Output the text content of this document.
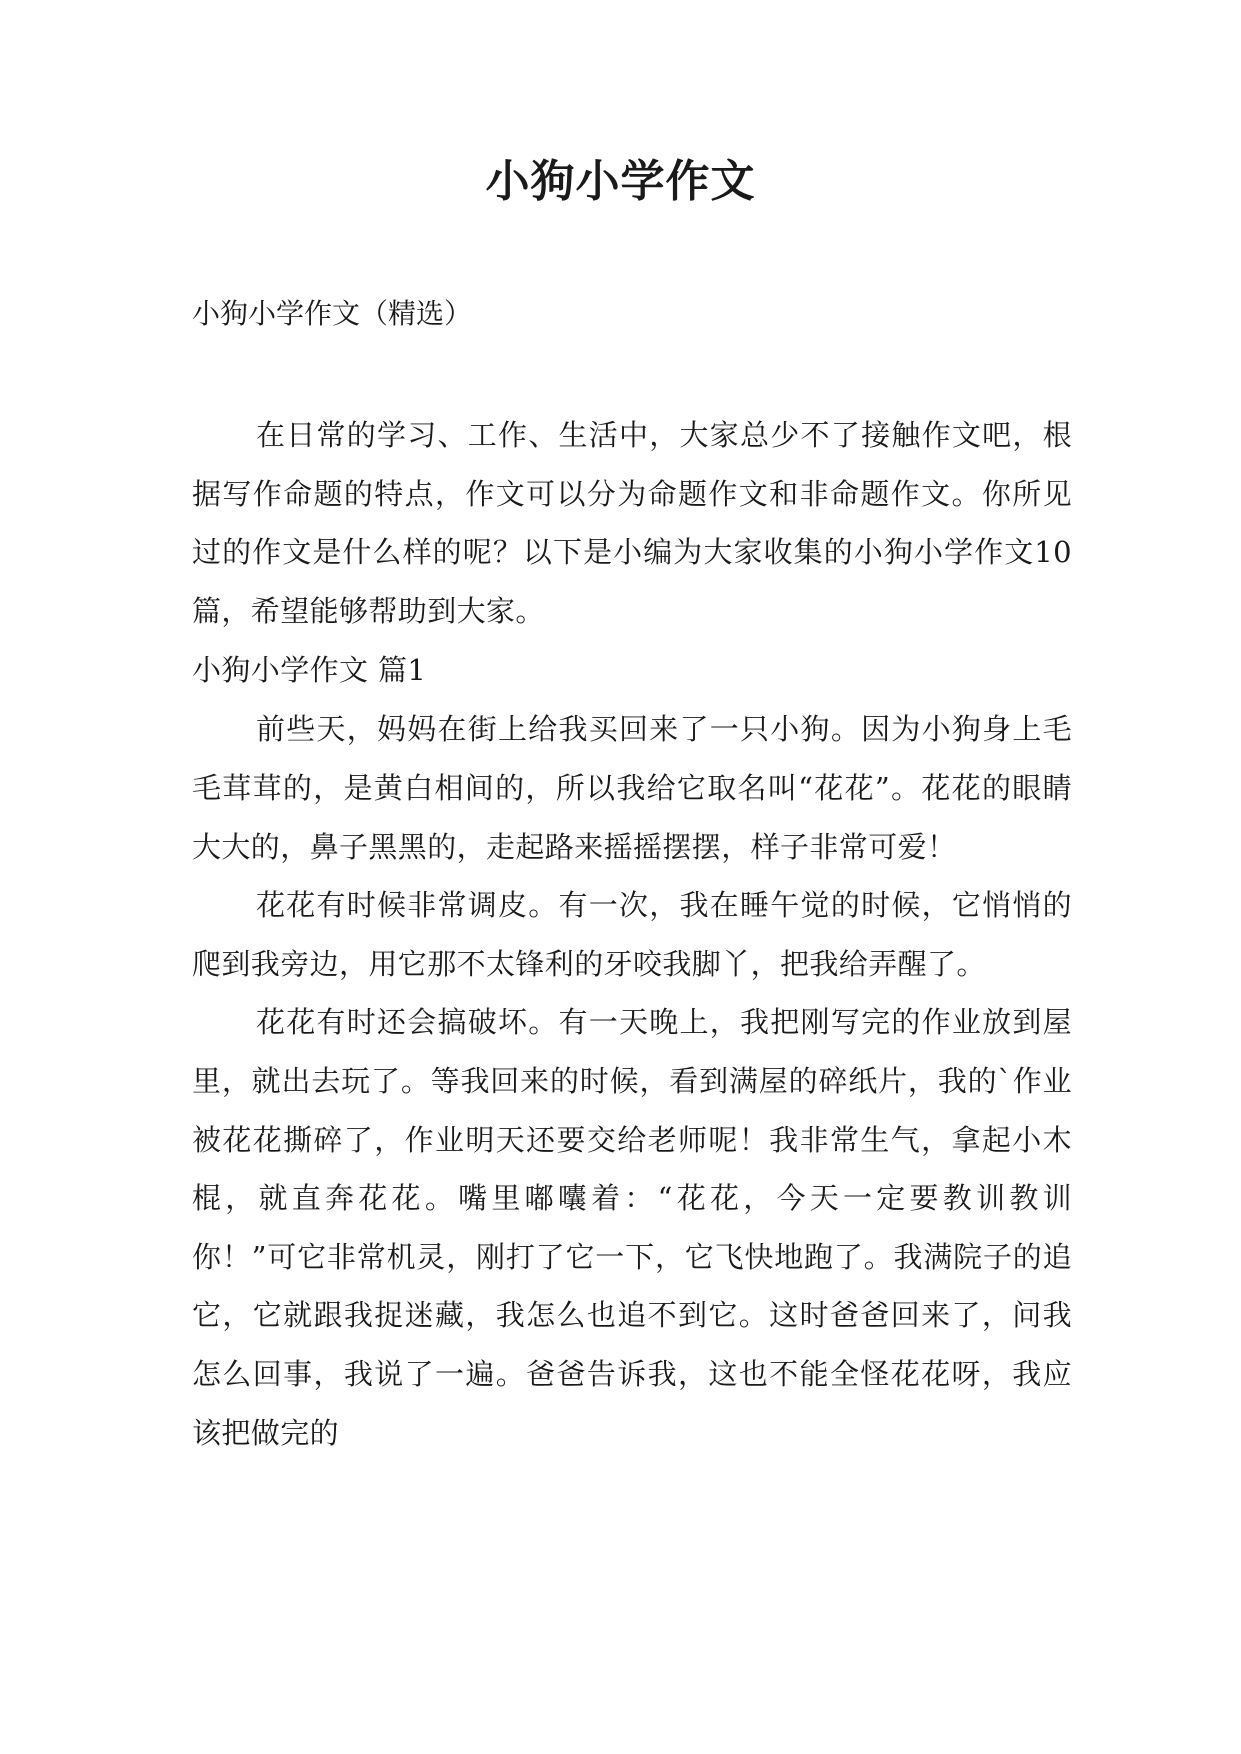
小狗小学作文

小狗小学作文（精选）

在日常的学习、工作、生活中，大家总少不了接触作文吧，根据写作命题的特点，作文可以分为命题作文和非命题作文。你所见过的作文是什么样的呢？以下是小编为大家收集的小狗小学作文10篇，希望能够帮助到大家。

小狗小学作文 篇1

前些天，妈妈在街上给我买回来了一只小狗。因为小狗身上毛毛茸茸的，是黄白相间的，所以我给它取名叫“花花”。花花的眼睛大大的，鼻子黑黑的，走起路来摇摇摆摆，样子非常可爱！

花花有时候非常调皮。有一次，我在睡午觉的时候，它悄悄的爬到我旁边，用它那不太锋利的牙咬我脚丫，把我给弄醒了。

花花有时还会搞破坏。有一天晚上，我把刚写完的作业放到屋里，就出去玩了。等我回来的时候，看到满屋的碎纸片，我的`作业被花花撕碎了，作业明天还要交给老师呢！我非常生气，拿起小木棍，就直奔花花。嘴里嘟囔着：“花花，今天一定要教训教训你！”可它非常机灵，刚打了它一下，它飞快地跑了。我满院子的追它，它就跟我捉迷藏，我怎么也追不到它。这时爸爸回来了，问我怎么回事，我说了一遍。爸爸告诉我，这也不能全怪花花呀，我应该把做完的
